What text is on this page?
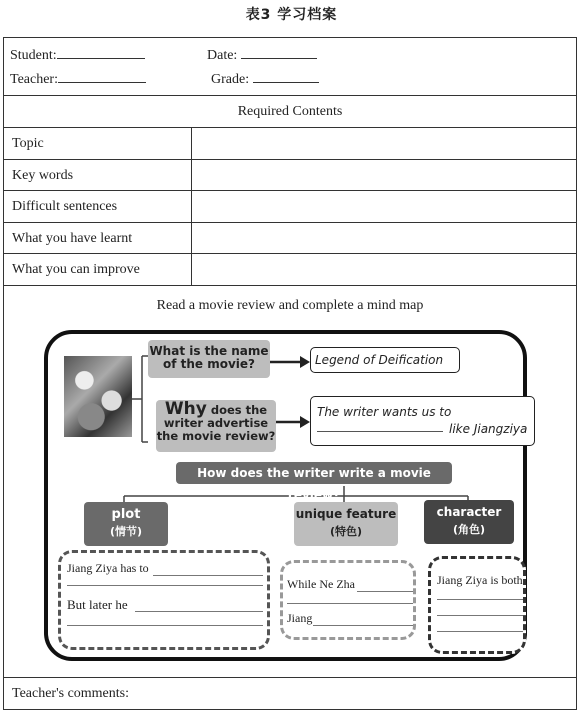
表3 学习档案
Student:	Date:
Teacher:	Grade:
Required Contents
Topic
Key words
Difficult sentences
What you have learnt
What you can improve
Read a movie review and complete a mind map
What is the name of the movie?	Legend of Deification
Why does the writer advertise the movie review?
The writer wants us to
like Jiangziya
How does the writer write a movie review?
plot
(情节)
unique feature
(特色)
character
(角色)
Jiang Ziya has to
But later he
While Ne Zha
Jiang
Jiang Ziya is both
Teacher's comments:
